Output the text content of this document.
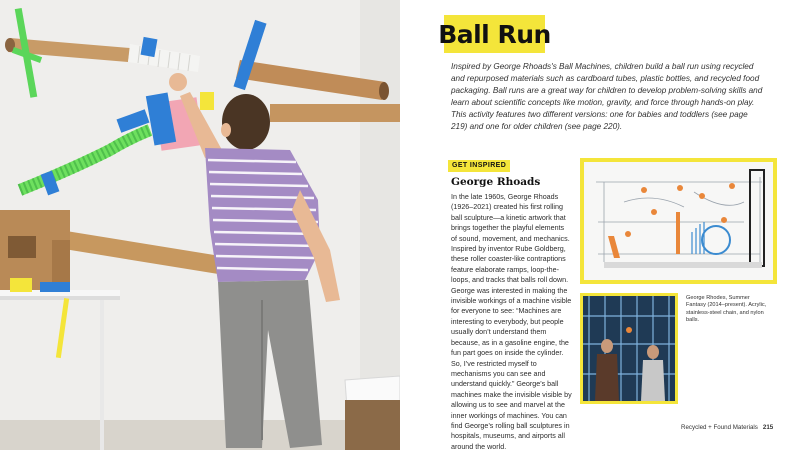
Ball Run

Inspired by George Rhoads's Ball Machines, children build a ball run using recycled and repurposed materials such as cardboard tubes, plastic bottles, and recycled food packaging. Ball runs are a great way for children to develop problem-solving skills and learn about scientific concepts like motion, gravity, and force through hands-on play. This activity features two different versions: one for babies and toddlers (see page 219) and one for older children (see page 220).

GET INSPIRED
George Rhoads

In the late 1960s, George Rhoads (1926–2021) created his first rolling ball sculpture—a kinetic artwork that brings together the playful elements of sound, movement, and mechanics. Inspired by inventor Rube Goldberg, these roller coaster-like contraptions feature elaborate ramps, loop-the-loops, and tracks that balls roll down. George was interested in making the invisible workings of a machine visible for everyone to see: “Machines are interesting to everybody, but people usually don’t understand them because, as in a gasoline engine, the fun part goes on inside the cylinder. So, I’ve restricted myself to mechanisms you can see and understand quickly.” George’s ball machines make the invisible visible by allowing us to see and marvel at the inner workings of machines. You can find George’s rolling ball sculptures in hospitals, museums, and airports all around the world.

George Rhodes, Summer Fantasy (2014–present). Acrylic, stainless-steel chain, and nylon balls.

Recycled + Found Materials 215
